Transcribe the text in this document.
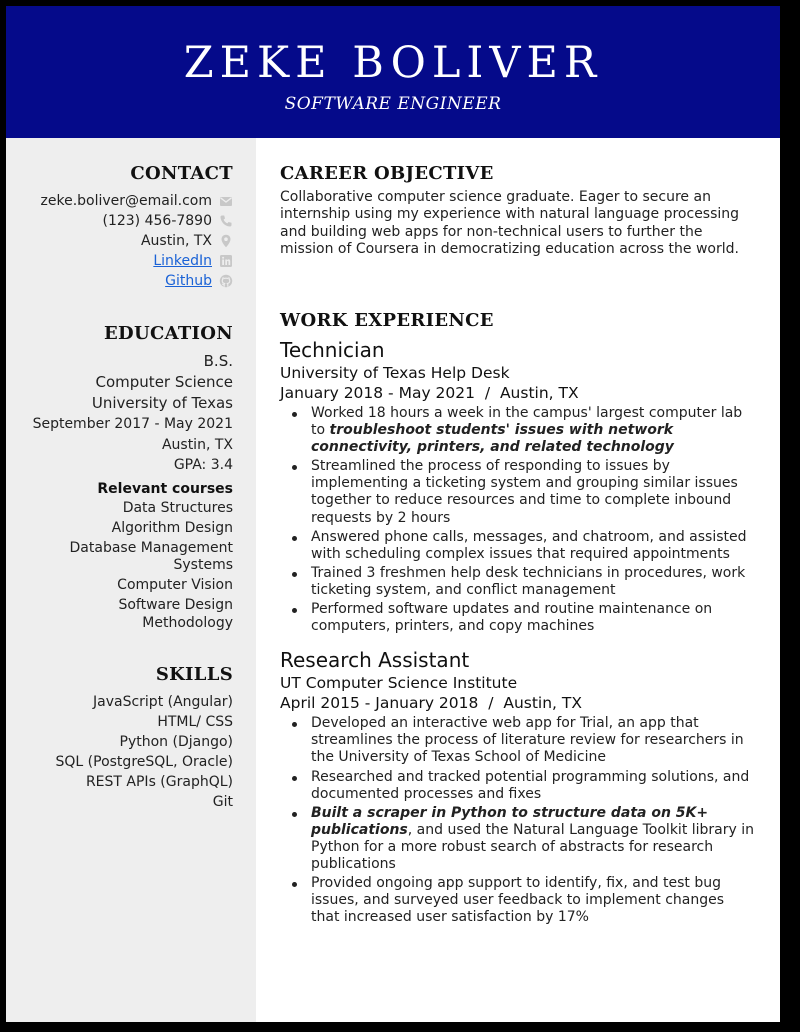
ZEKE BOLIVER
SOFTWARE ENGINEER
CONTACT
zeke.boliver@email.com
(123) 456-7890
Austin, TX
LinkedIn
Github
EDUCATION
B.S.
Computer Science
University of Texas
September 2017 - May 2021
Austin, TX
GPA: 3.4
Relevant courses
Data Structures
Algorithm Design
Database Management Systems
Computer Vision
Software Design Methodology
SKILLS
JavaScript (Angular)
HTML/ CSS
Python (Django)
SQL (PostgreSQL, Oracle)
REST APIs (GraphQL)
Git
CAREER OBJECTIVE
Collaborative computer science graduate. Eager to secure an internship using my experience with natural language processing and building web apps for non-technical users to further the mission of Coursera in democratizing education across the world.
WORK EXPERIENCE
Technician
University of Texas Help Desk
January 2018 - May 2021 / Austin, TX
Worked 18 hours a week in the campus' largest computer lab to troubleshoot students' issues with network connectivity, printers, and related technology
Streamlined the process of responding to issues by implementing a ticketing system and grouping similar issues together to reduce resources and time to complete inbound requests by 2 hours
Answered phone calls, messages, and chatroom, and assisted with scheduling complex issues that required appointments
Trained 3 freshmen help desk technicians in procedures, work ticketing system, and conflict management
Performed software updates and routine maintenance on computers, printers, and copy machines
Research Assistant
UT Computer Science Institute
April 2015 - January 2018 / Austin, TX
Developed an interactive web app for Trial, an app that streamlines the process of literature review for researchers in the University of Texas School of Medicine
Researched and tracked potential programming solutions, and documented processes and fixes
Built a scraper in Python to structure data on 5K+ publications, and used the Natural Language Toolkit library in Python for a more robust search of abstracts for research publications
Provided ongoing app support to identify, fix, and test bug issues, and surveyed user feedback to implement changes that increased user satisfaction by 17%
